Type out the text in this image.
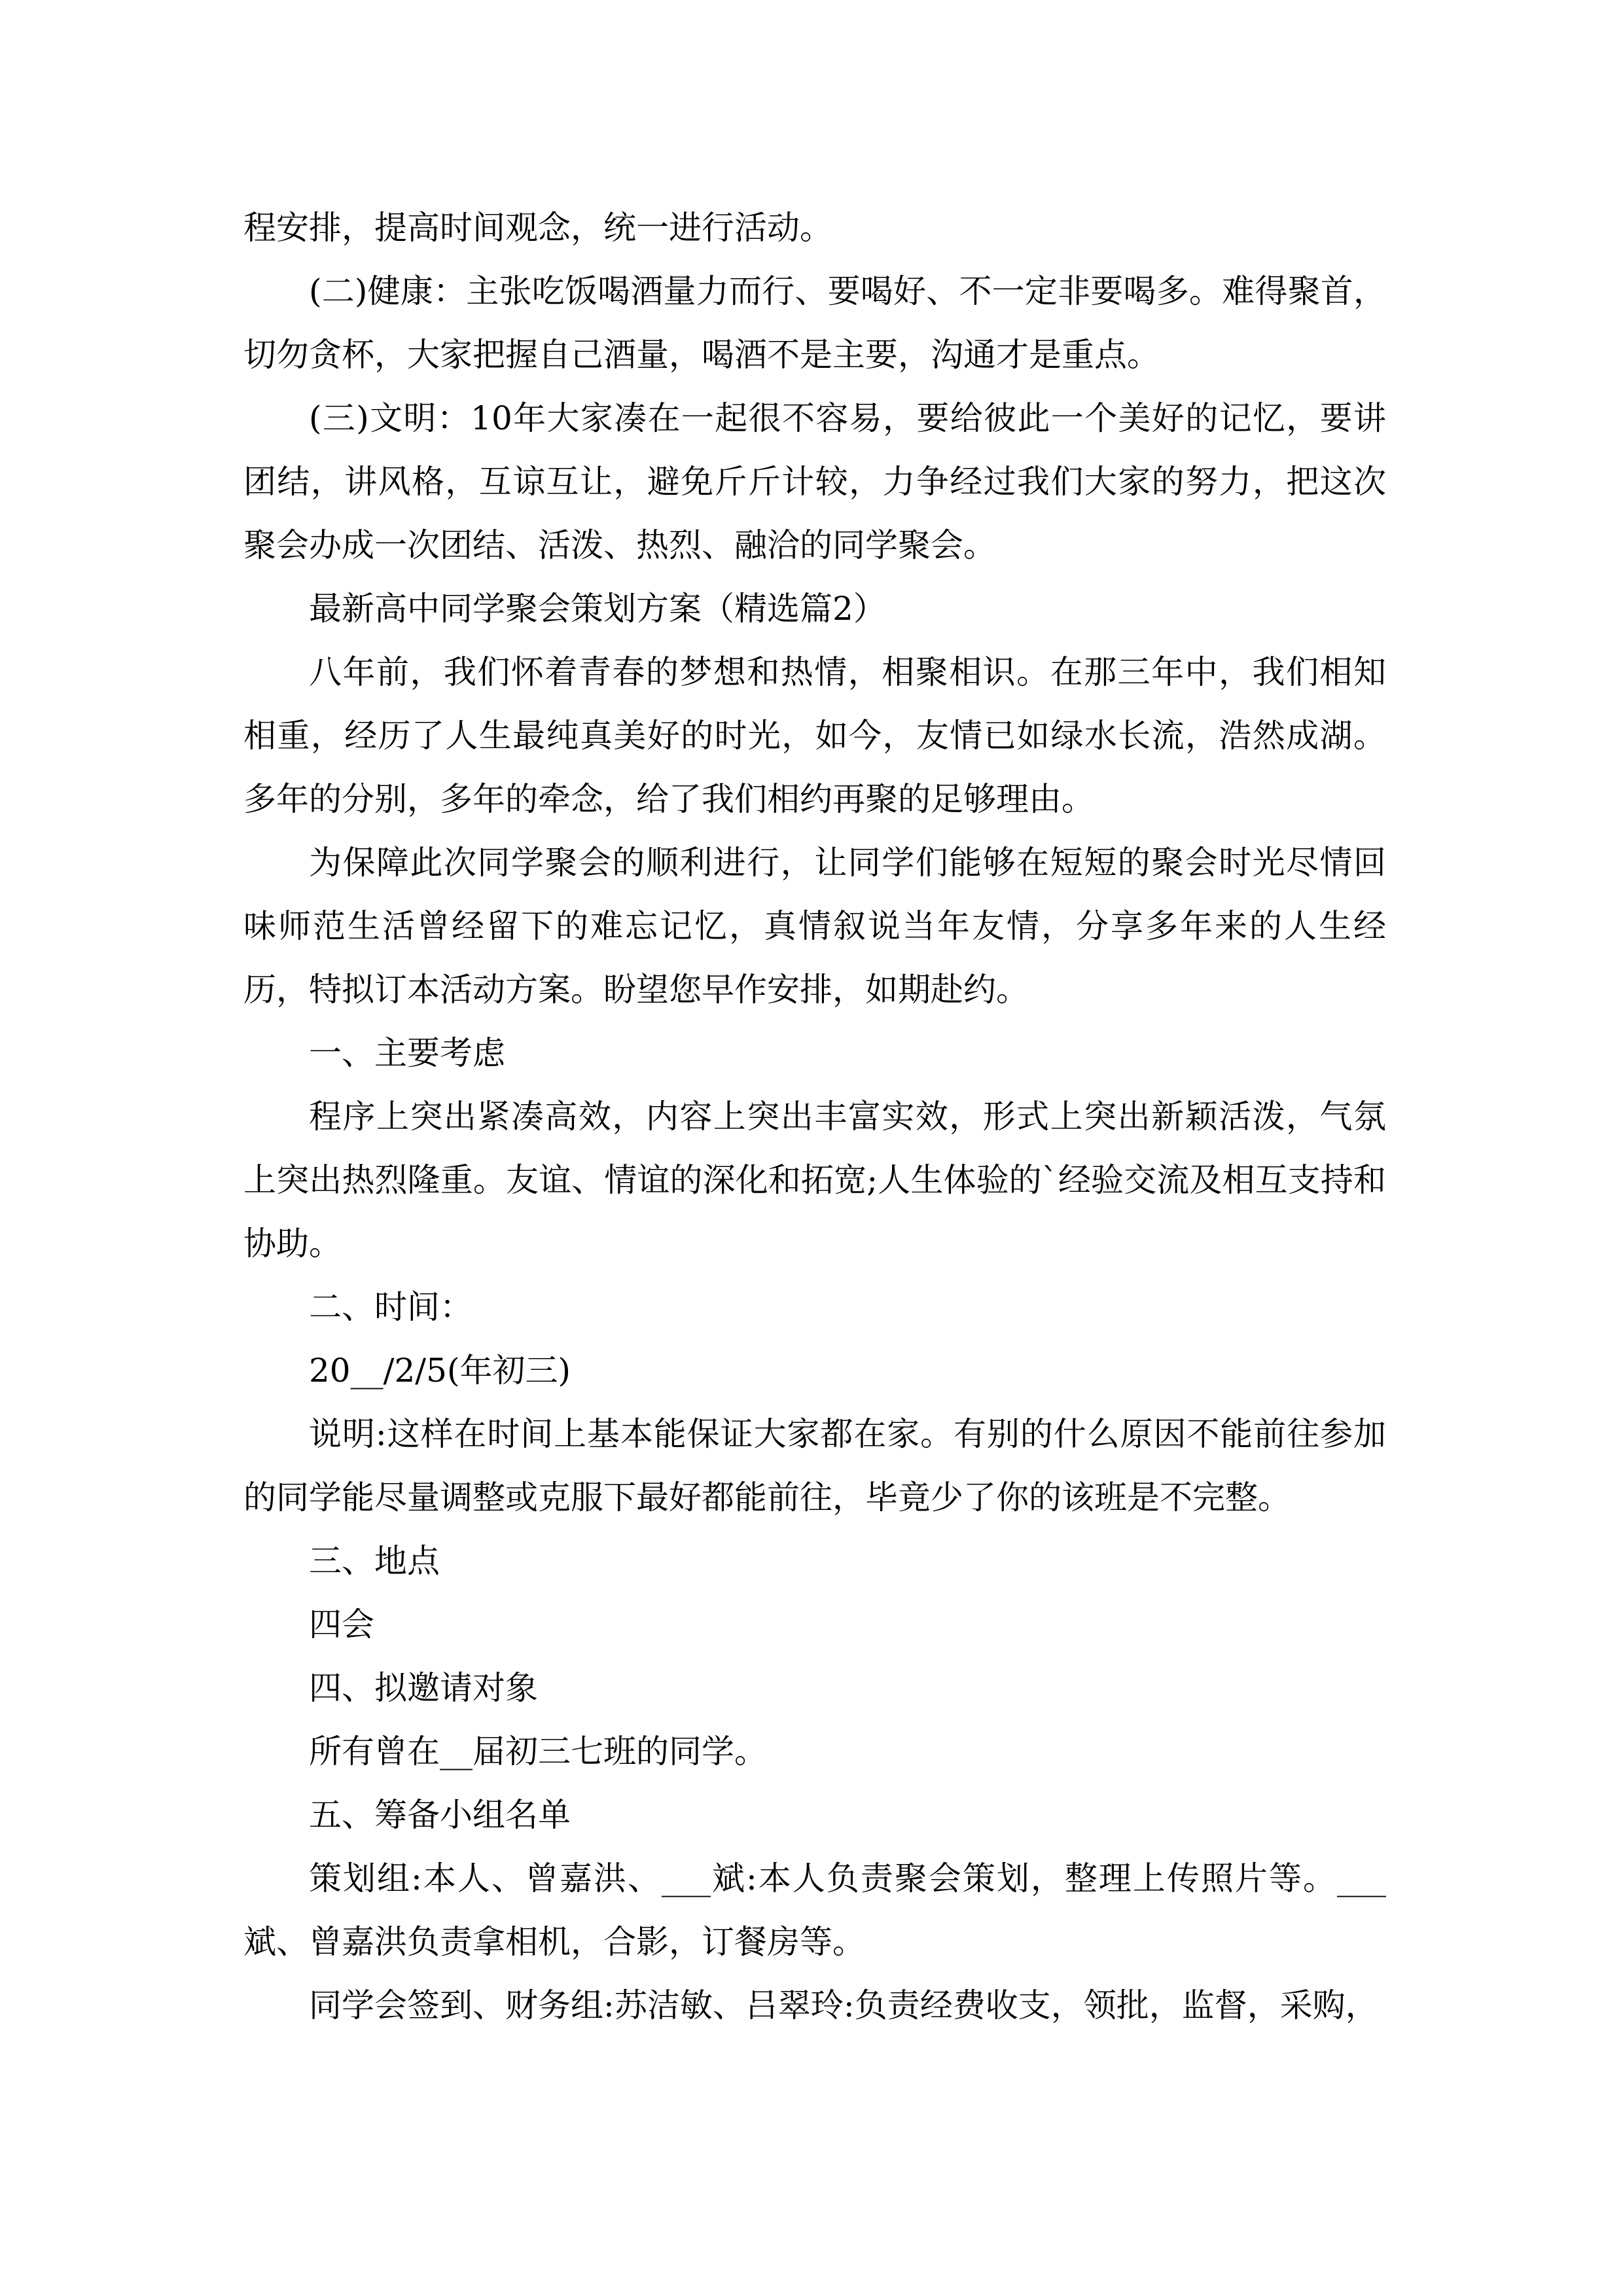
程安排，提高时间观念，统一进行活动。

(二)健康：主张吃饭喝酒量力而行、要喝好、不一定非要喝多。难得聚首，切勿贪杯，大家把握自己酒量，喝酒不是主要，沟通才是重点。

(三)文明：10年大家凑在一起很不容易，要给彼此一个美好的记忆，要讲团结，讲风格，互谅互让，避免斤斤计较，力争经过我们大家的努力，把这次聚会办成一次团结、活泼、热烈、融洽的同学聚会。

最新高中同学聚会策划方案（精选篇2）

八年前，我们怀着青春的梦想和热情，相聚相识。在那三年中，我们相知相重，经历了人生最纯真美好的时光，如今，友情已如绿水长流，浩然成湖。多年的分别，多年的牵念，给了我们相约再聚的足够理由。

为保障此次同学聚会的顺利进行，让同学们能够在短短的聚会时光尽情回味师范生活曾经留下的难忘记忆，真情叙说当年友情，分享多年来的人生经历，特拟订本活动方案。盼望您早作安排，如期赴约。

一、主要考虑

程序上突出紧凑高效，内容上突出丰富实效，形式上突出新颖活泼，气氛上突出热烈隆重。友谊、情谊的深化和拓宽;人生体验的`经验交流及相互支持和协助。

二、时间：

20__/2/5(年初三)

说明:这样在时间上基本能保证大家都在家。有别的什么原因不能前往参加的同学能尽量调整或克服下最好都能前往，毕竟少了你的该班是不完整。

三、地点

四会

四、拟邀请对象

所有曾在__届初三七班的同学。

五、筹备小组名单

策划组:本人、曾嘉洪、___斌:本人负责聚会策划，整理上传照片等。___斌、曾嘉洪负责拿相机，合影，订餐房等。

同学会签到、财务组:苏洁敏、吕翠玲:负责经费收支，领批，监督，采购，
